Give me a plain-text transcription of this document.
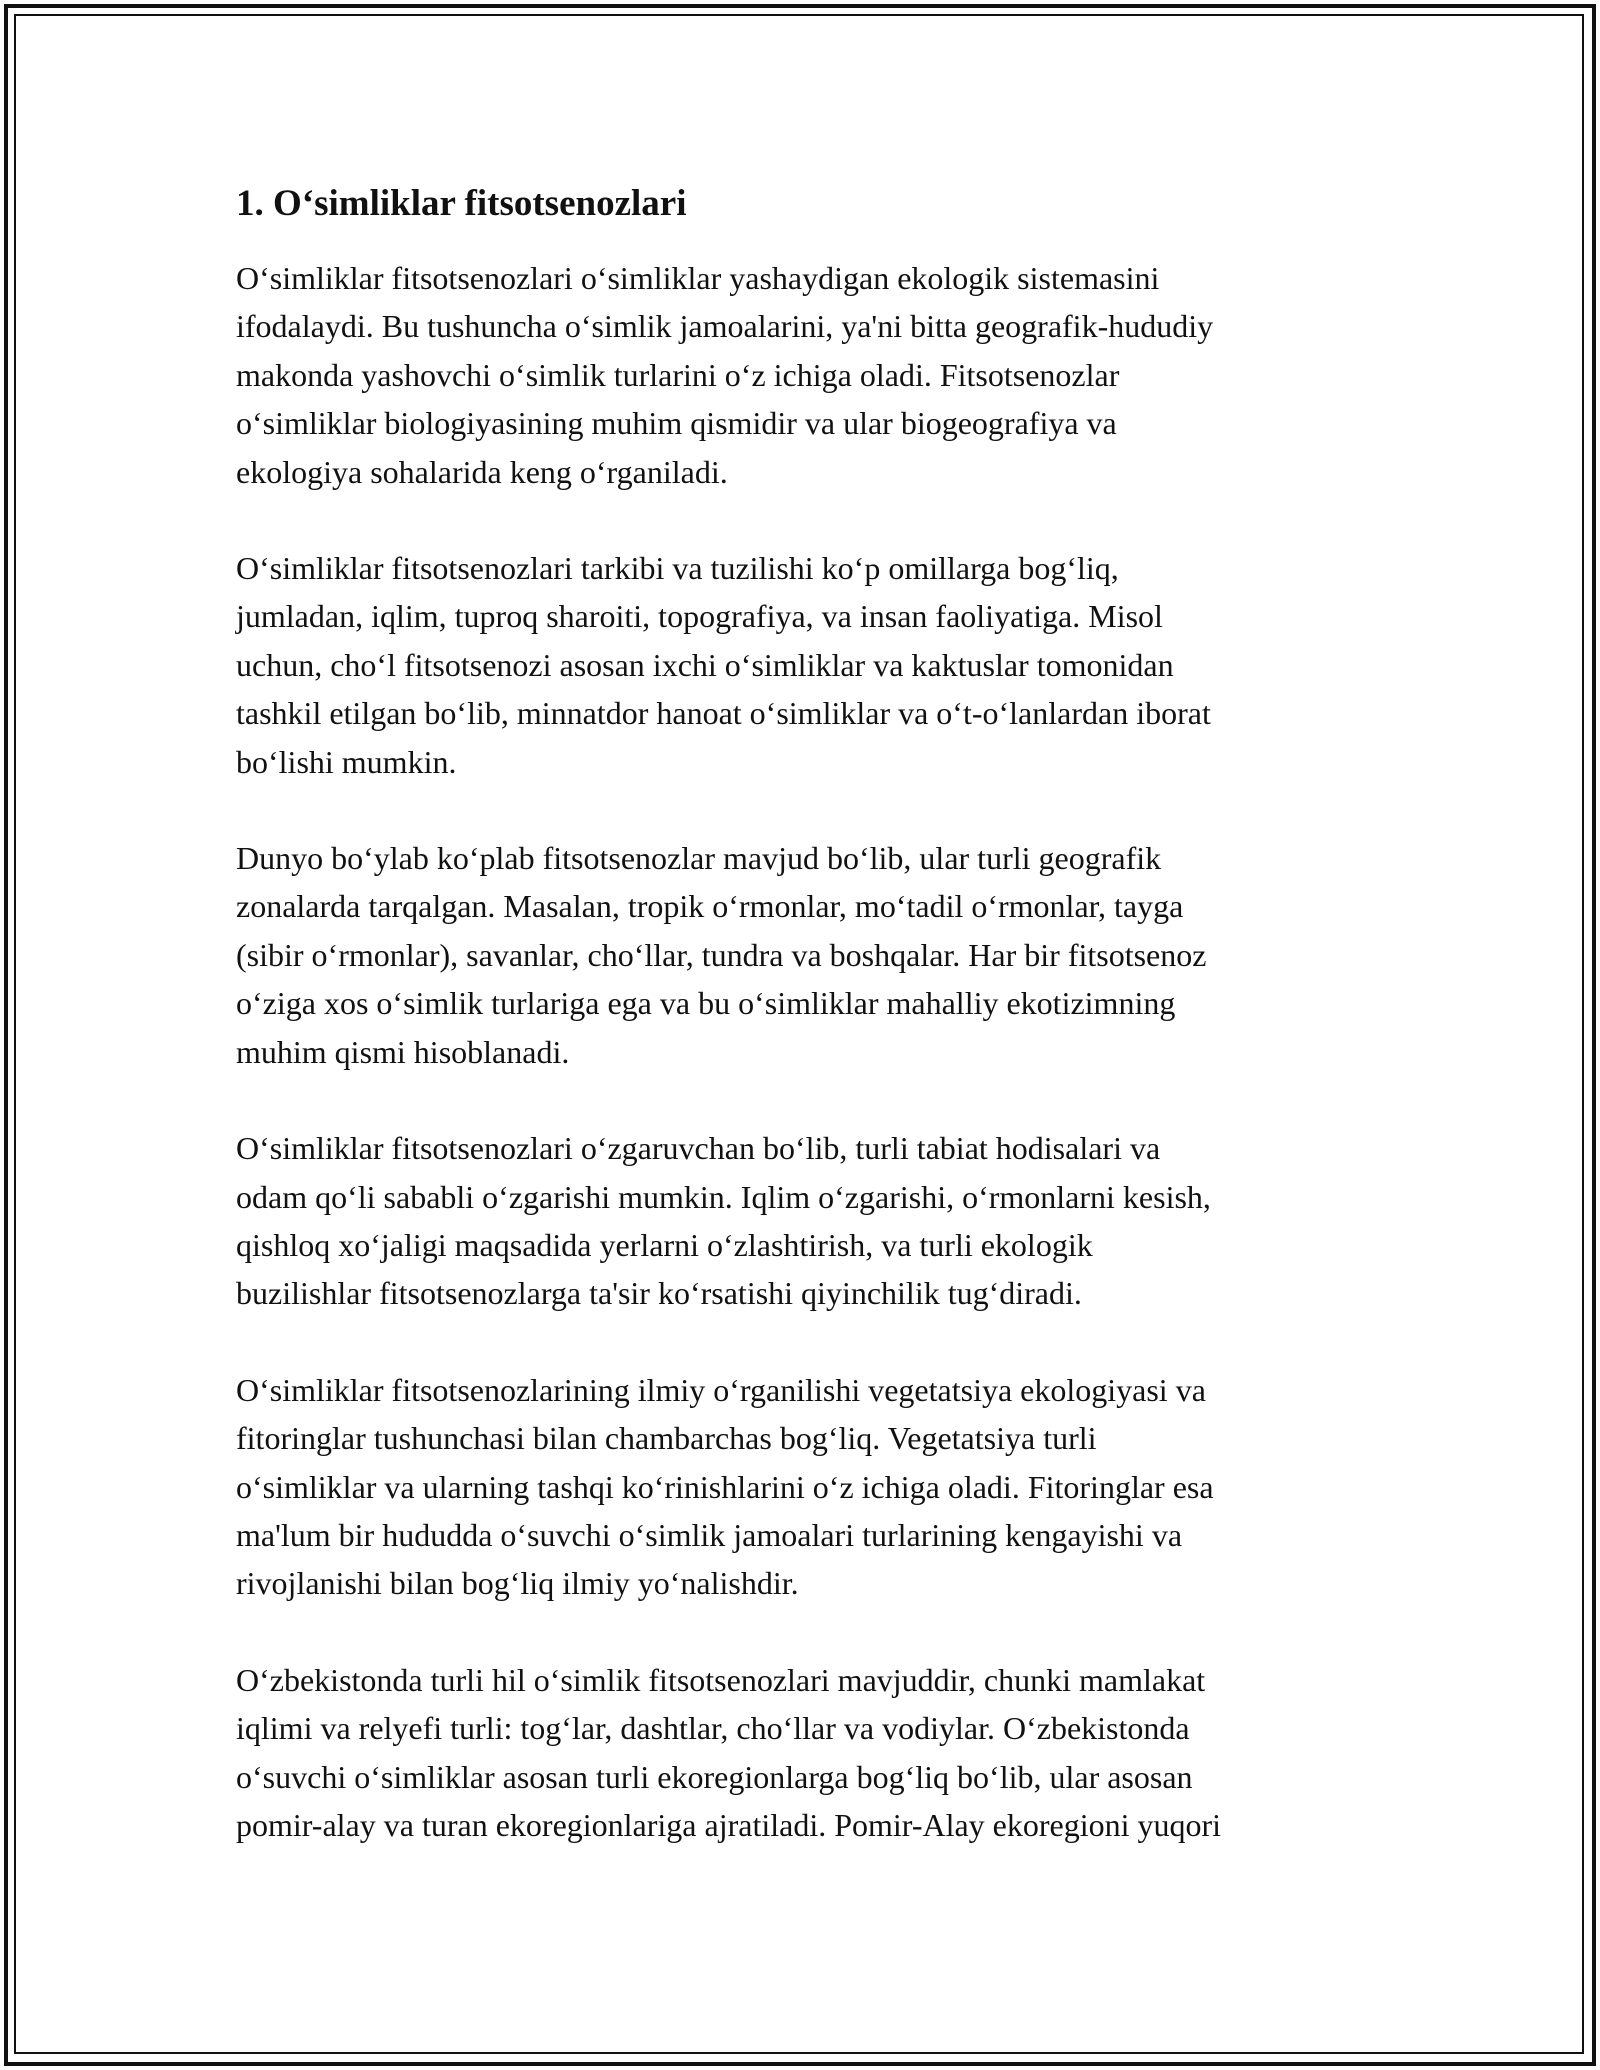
1. O‘simliklar fitsotsenozlari

O‘simliklar fitsotsenozlari o‘simliklar yashaydigan ekologik sistemasini
ifodalaydi. Bu tushuncha o‘simlik jamoalarini, ya'ni bitta geografik-hududiy
makonda yashovchi o‘simlik turlarini o‘z ichiga oladi. Fitsotsenozlar
o‘simliklar biologiyasining muhim qismidir va ular biogeografiya va
ekologiya sohalarida keng o‘rganiladi.

O‘simliklar fitsotsenozlari tarkibi va tuzilishi ko‘p omillarga bog‘liq,
jumladan, iqlim, tuproq sharoiti, topografiya, va insan faoliyatiga. Misol
uchun, cho‘l fitsotsenozi asosan ixchi o‘simliklar va kaktuslar tomonidan
tashkil etilgan bo‘lib, minnatdor hanoat o‘simliklar va o‘t-o‘lanlardan iborat
bo‘lishi mumkin.

Dunyo bo‘ylab ko‘plab fitsotsenozlar mavjud bo‘lib, ular turli geografik
zonalarda tarqalgan. Masalan, tropik o‘rmonlar, mo‘tadil o‘rmonlar, tayga
(sibir o‘rmonlar), savanlar, cho‘llar, tundra va boshqalar. Har bir fitsotsenoz
o‘ziga xos o‘simlik turlariga ega va bu o‘simliklar mahalliy ekotizimning
muhim qismi hisoblanadi.

O‘simliklar fitsotsenozlari o‘zgaruvchan bo‘lib, turli tabiat hodisalari va
odam qo‘li sababli o‘zgarishi mumkin. Iqlim o‘zgarishi, o‘rmonlarni kesish,
qishloq xo‘jaligi maqsadida yerlarni o‘zlashtirish, va turli ekologik
buzilishlar fitsotsenozlarga ta'sir ko‘rsatishi qiyinchilik tug‘diradi.

O‘simliklar fitsotsenozlarining ilmiy o‘rganilishi vegetatsiya ekologiyasi va
fitoringlar tushunchasi bilan chambarchas bog‘liq. Vegetatsiya turli
o‘simliklar va ularning tashqi ko‘rinishlarini o‘z ichiga oladi. Fitoringlar esa
ma'lum bir hududda o‘suvchi o‘simlik jamoalari turlarining kengayishi va
rivojlanishi bilan bog‘liq ilmiy yo‘nalishdir.

O‘zbekistonda turli hil o‘simlik fitsotsenozlari mavjuddir, chunki mamlakat
iqlimi va relyefi turli: tog‘lar, dashtlar, cho‘llar va vodiylar. O‘zbekistonda
o‘suvchi o‘simliklar asosan turli ekoregionlarga bog‘liq bo‘lib, ular asosan
pomir-alay va turan ekoregionlariga ajratiladi. Pomir-Alay ekoregioni yuqori
